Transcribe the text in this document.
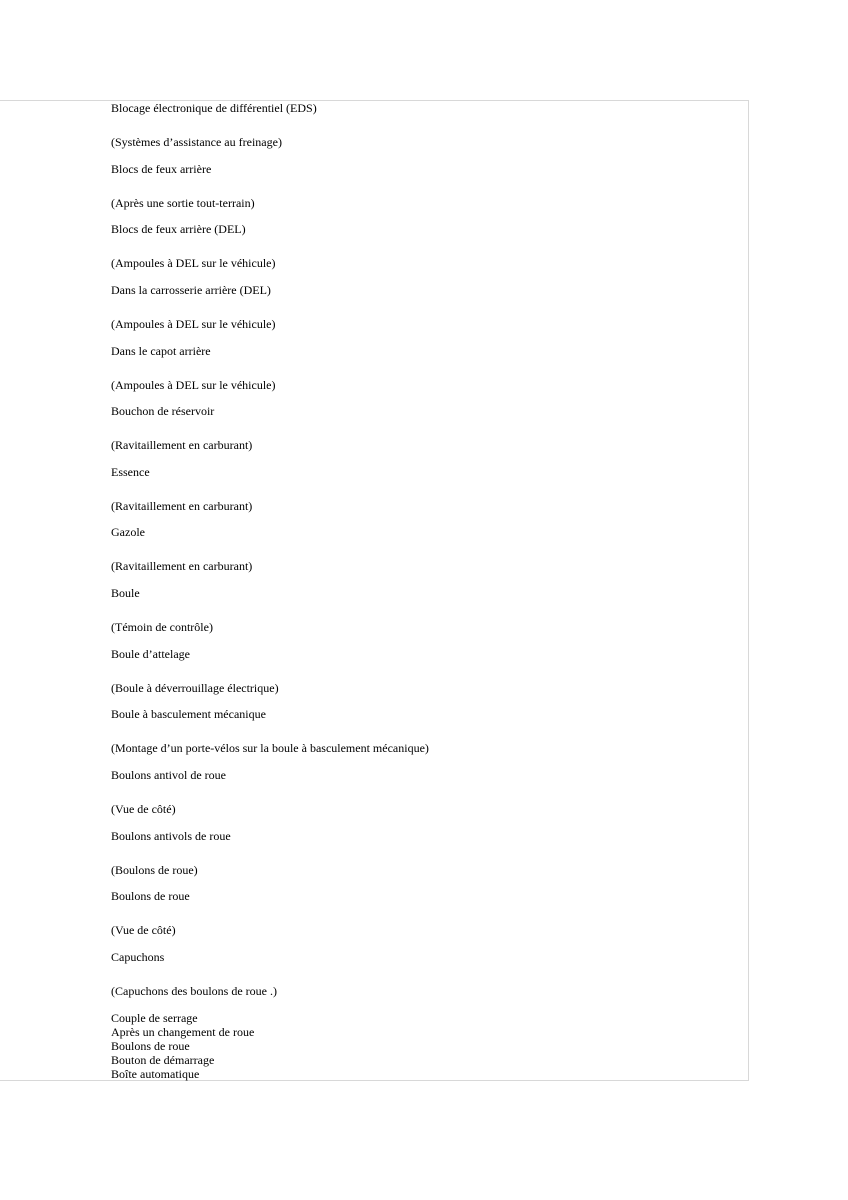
Blocage électronique de différentiel (EDS)
(Systèmes d’assistance au freinage)
Blocs de feux arrière
(Après une sortie tout-terrain)
Blocs de feux arrière (DEL)
(Ampoules à DEL sur le véhicule)
Dans la carrosserie arrière (DEL)
(Ampoules à DEL sur le véhicule)
Dans le capot arrière
(Ampoules à DEL sur le véhicule)
Bouchon de réservoir
(Ravitaillement en carburant)
Essence
(Ravitaillement en carburant)
Gazole
(Ravitaillement en carburant)
Boule
(Témoin de contrôle)
Boule d’attelage
(Boule à déverrouillage électrique)
Boule à basculement mécanique
(Montage d’un porte-vélos sur la boule à basculement mécanique)
Boulons antivol de roue
(Vue de côté)
Boulons antivols de roue
(Boulons de roue)
Boulons de roue
(Vue de côté)
Capuchons
(Capuchons des boulons de roue .)
Couple de serrage
Après un changement de roue
Boulons de roue
Bouton de démarrage
Boîte automatique
